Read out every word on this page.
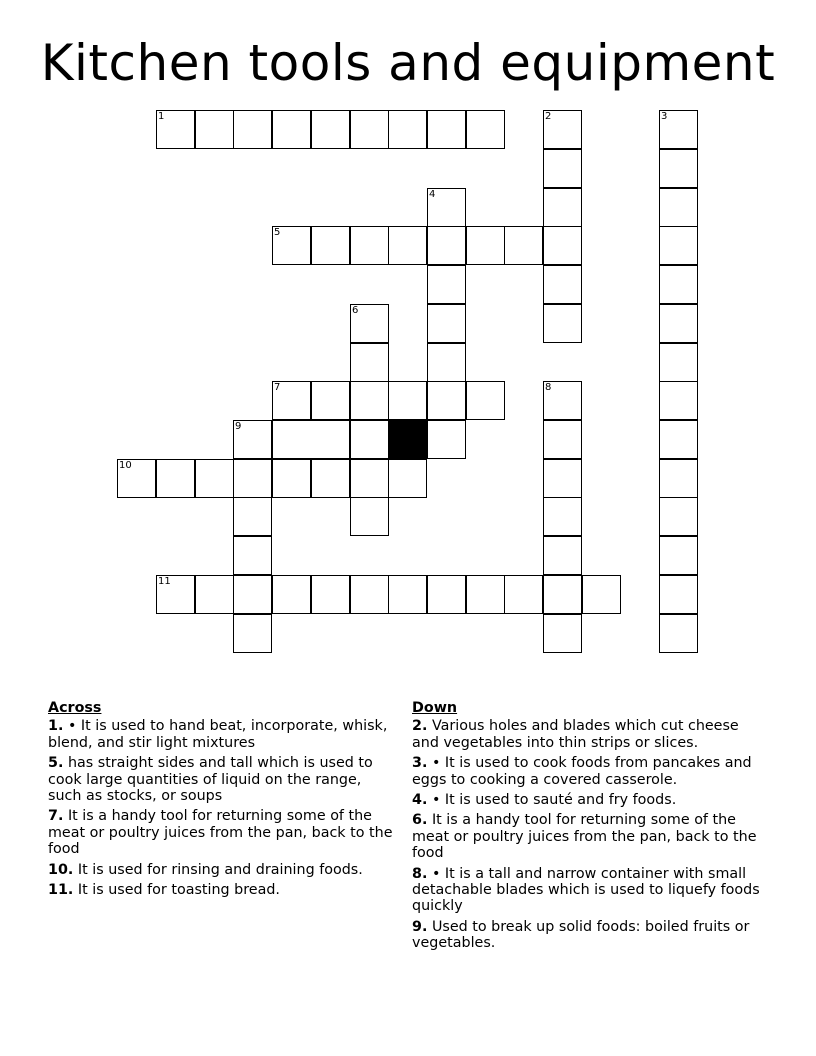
Kitchen tools and equipment
1	2	3
4
5
6
7	8
9
10
11
Across
1. • It is used to hand beat, incorporate, whisk, blend, and stir light mixtures
5. has straight sides and tall which is used to cook large quantities of liquid on the range, such as stocks, or soups
7. It is a handy tool for returning some of the meat or poultry juices from the pan, back to the food
10. It is used for rinsing and draining foods.
11. It is used for toasting bread.
Down
2. Various holes and blades which cut cheese and vegetables into thin strips or slices.
3. • It is used to cook foods from pancakes and eggs to cooking a covered casserole.
4. • It is used to sauté and fry foods.
6. It is a handy tool for returning some of the meat or poultry juices from the pan, back to the food
8. • It is a tall and narrow container with small detachable blades which is used to liquefy foods quickly
9. Used to break up solid foods: boiled fruits or vegetables.
